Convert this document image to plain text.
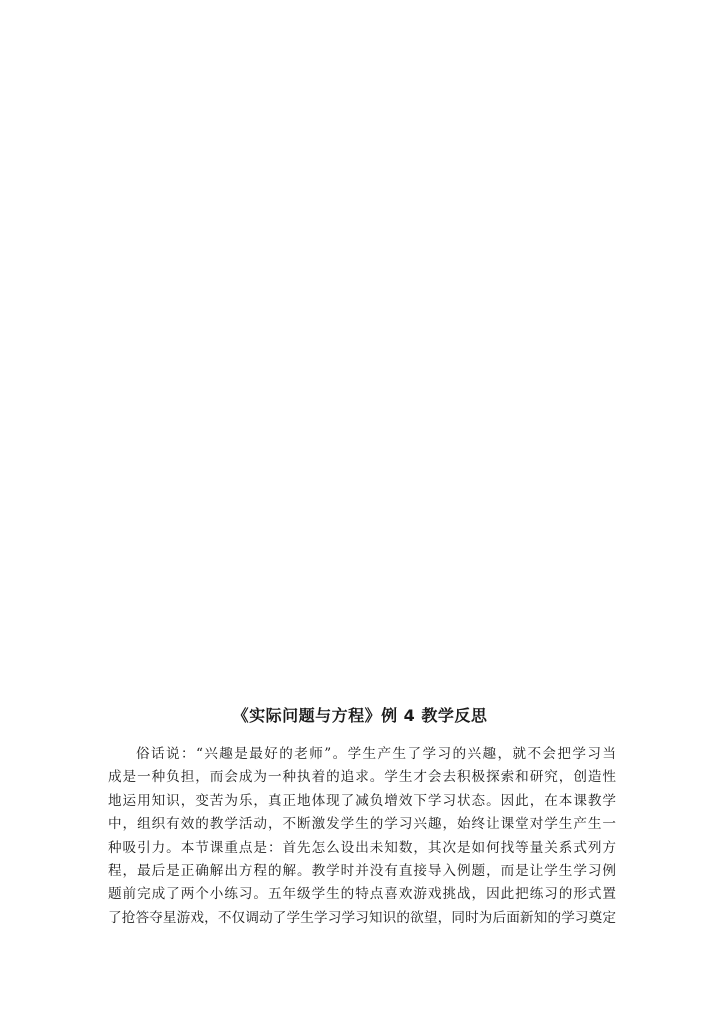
《实际问题与方程》例 4 教学反思
俗话说：“兴趣是最好的老师”。学生产生了学习的兴趣，就不会把学习当
成是一种负担，而会成为一种执着的追求。学生才会去积极探索和研究，创造性
地运用知识，变苦为乐，真正地体现了减负增效下学习状态。因此，在本课教学
中，组织有效的教学活动，不断激发学生的学习兴趣，始终让课堂对学生产生一
种吸引力。本节课重点是：首先怎么设出未知数，其次是如何找等量关系式列方
程，最后是正确解出方程的解。教学时并没有直接导入例题，而是让学生学习例
题前完成了两个小练习。五年级学生的特点喜欢游戏挑战，因此把练习的形式置
了抢答夺星游戏，不仅调动了学生学习学习知识的欲望，同时为后面新知的学习奠定
